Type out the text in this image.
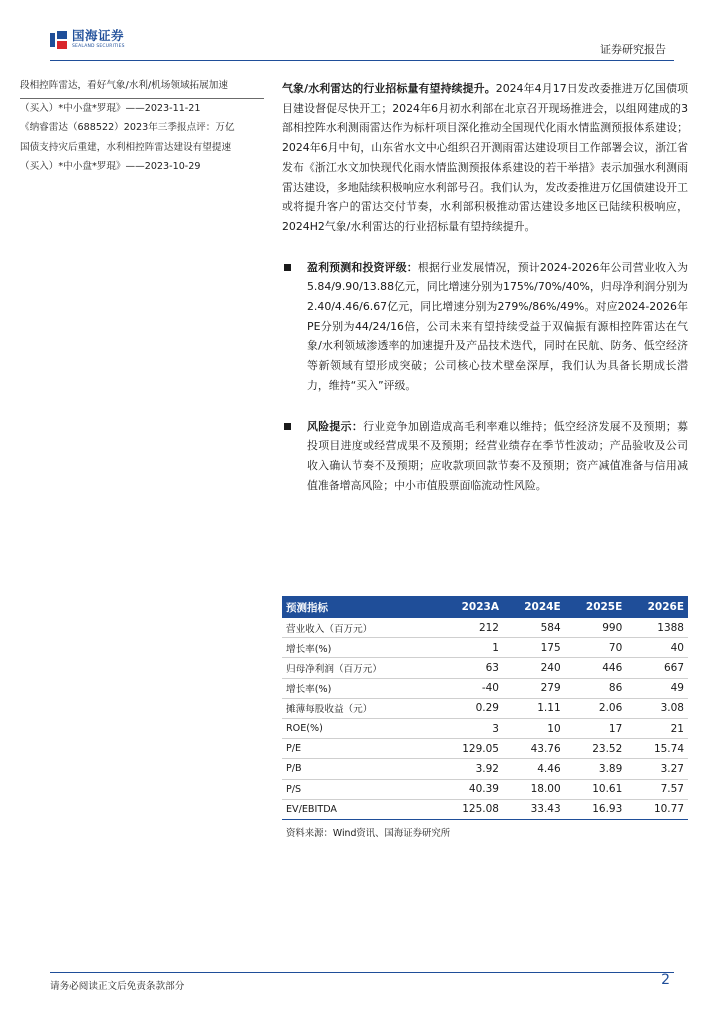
国海证券
SEALAND SECURITIES	证券研究报告

段相控阵雷达，看好气象/水利/机场领域拓展加速

（买入）*中小盘*罗琨》——2023-11-21

《纳睿雷达（688522）2023年三季报点评：万亿

国债支持灾后重建，水利相控阵雷达建设有望提速

（买入）*中小盘*罗琨》——2023-10-29

气象/水利雷达的行业招标量有望持续提升。2024年4月17日发改委推进万亿国债项目建设督促尽快开工；2024年6月初水利部在北京召开现场推进会，以组网建成的3部相控阵水利测雨雷达作为标杆项目深化推动全国现代化雨水情监测预报体系建设；2024年6月中旬，山东省水文中心组织召开测雨雷达建设项目工作部署会议，浙江省发布《浙江水文加快现代化雨水情监测预报体系建设的若干举措》表示加强水利测雨雷达建设，多地陆续积极响应水利部号召。我们认为，发改委推进万亿国债建设开工或将提升客户的雷达交付节奏，水利部积极推动雷达建设多地区已陆续积极响应，2024H2气象/水利雷达的行业招标量有望持续提升。

盈利预测和投资评级：根据行业发展情况，预计2024-2026年公司营业收入为5.84/9.90/13.88亿元，同比增速分别为175%/70%/40%，归母净利润分别为2.40/4.46/6.67亿元，同比增速分别为279%/86%/49%。对应2024-2026年PE分别为44/24/16倍，公司未来有望持续受益于双偏振有源相控阵雷达在气象/水利领域渗透率的加速提升及产品技术迭代，同时在民航、防务、低空经济等新领域有望形成突破；公司核心技术壁垒深厚，我们认为具备长期成长潜力，维持“买入”评级。

风险提示：行业竞争加剧造成高毛利率难以维持；低空经济发展不及预期；募投项目进度或经营成果不及预期；经营业绩存在季节性波动；产品验收及公司收入确认节奏不及预期；应收款项回款节奏不及预期；资产减值准备与信用减值准备增高风险；中小市值股票面临流动性风险。

预测指标	2023A	2024E	2025E	2026E
营业收入（百万元）	212	584	990	1388
增长率(%)	1	175	70	40
归母净利润（百万元）	63	240	446	667
增长率(%)	-40	279	86	49
摊薄每股收益（元）	0.29	1.11	2.06	3.08
ROE(%)	3	10	17	21
P/E	129.05	43.76	23.52	15.74
P/B	3.92	4.46	3.89	3.27
P/S	40.39	18.00	10.61	7.57
EV/EBITDA	125.08	33.43	16.93	10.77
资料来源：Wind资讯、国海证券研究所
请务必阅读正文后免责条款部分	2
